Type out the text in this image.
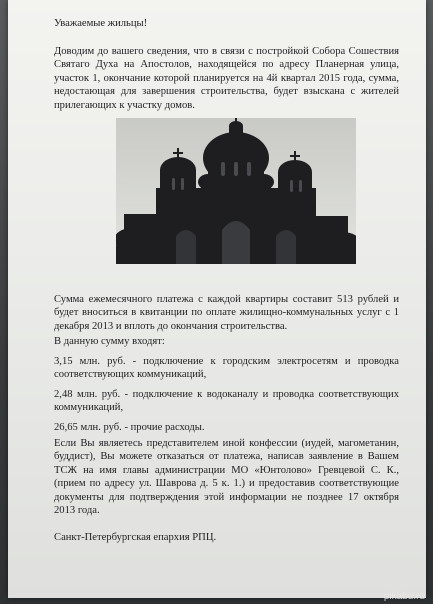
Уважаемые жильцы!

Доводим до вашего сведения, что в связи с постройкой Собора Сошествия Святаго Духа на Апостолов, находящейся по адресу Планерная улица, участок 1, окончание которой планируется на 4й квартал 2015 года, сумма, недостающая для завершения строительства, будет взыскана с жителей прилегающих к участку домов.

Сумма ежемесячного платежа с каждой квартиры составит 513 рублей и будет вноситься в квитанции по оплате жилищно-коммунальных услуг с 1 декабря 2013 и вплоть до окончания строительства.

В данную сумму входят:

3,15 млн. руб. - подключение к городским электросетям и проводка соответствующих коммуникаций,

2,48 млн. руб. - подключение к водоканалу и проводка соответствующих коммуникаций,

26,65 млн. руб. - прочие расходы.

Если Вы являетесь представителем иной конфессии (иудей, магометанин, буддист), Вы можете отказаться от платежа, написав заявление в Вашем ТСЖ на имя главы администрации МО «Юнтолово» Гревцевой С. К., (прием по адресу ул. Шаврова д. 5 к. 1.) и предоставив соответствующие документы для подтверждения этой информации не позднее 17 октября 2013 года.

Санкт-Петербургская епархия РПЦ.

pikabu.ru
